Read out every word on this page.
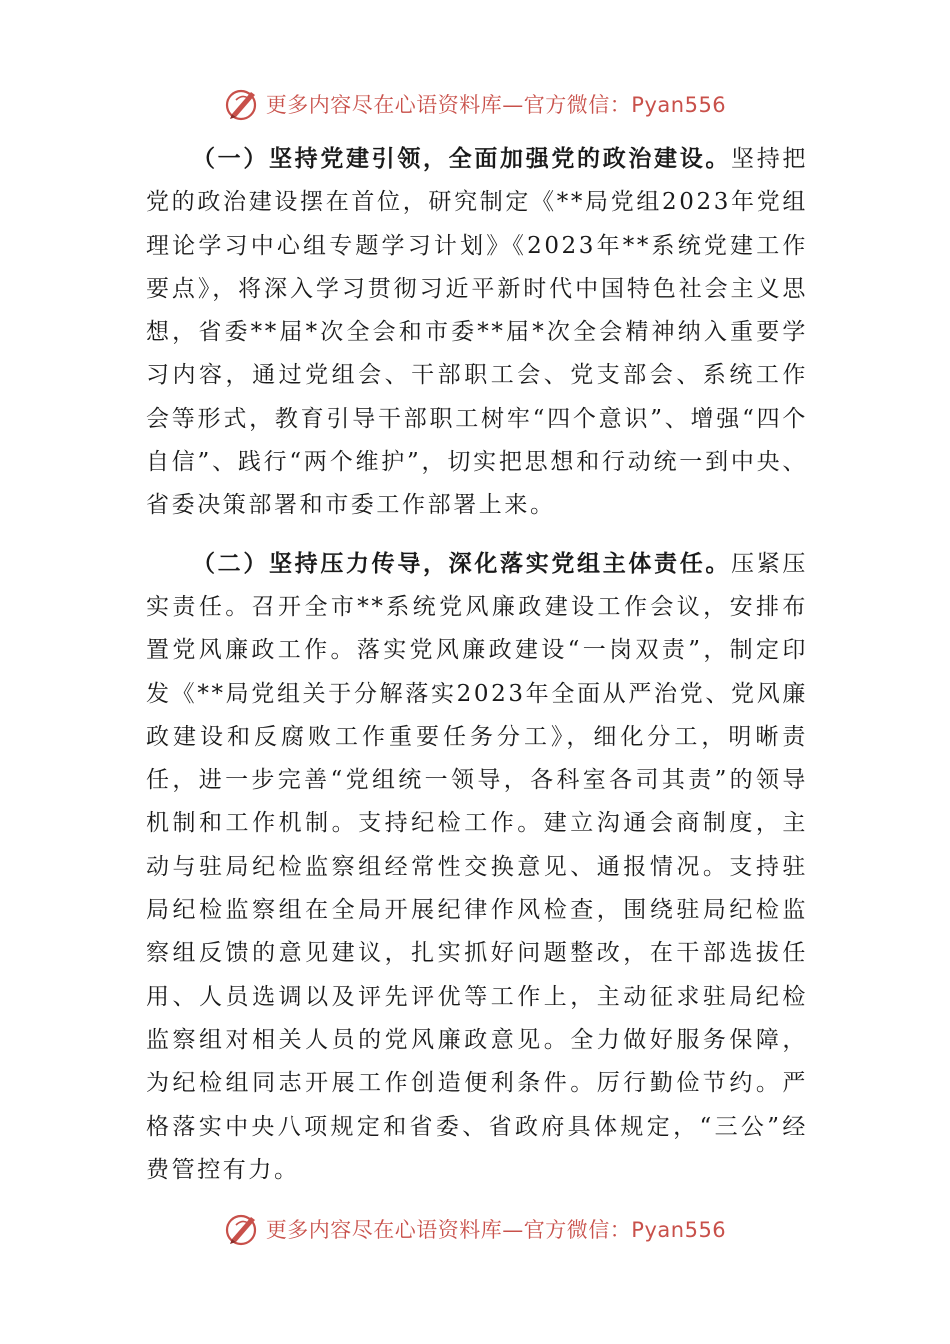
更多内容尽在心语资料库—官方微信：Pyan556

（一）坚持党建引领，全面加强党的政治建设。坚持把党的政治建设摆在首位，研究制定《**局党组2023年党组理论学习中心组专题学习计划》《2023年**系统党建工作要点》，将深入学习贯彻习近平新时代中国特色社会主义思想，省委**届*次全会和市委**届*次全会精神纳入重要学习内容，通过党组会、干部职工会、党支部会、系统工作会等形式，教育引导干部职工树牢“四个意识”、增强“四个自信”、践行“两个维护”，切实把思想和行动统一到中央、省委决策部署和市委工作部署上来。

（二）坚持压力传导，深化落实党组主体责任。压紧压实责任。召开全市**系统党风廉政建设工作会议，安排布置党风廉政工作。落实党风廉政建设“一岗双责”，制定印发《**局党组关于分解落实2023年全面从严治党、党风廉政建设和反腐败工作重要任务分工》，细化分工，明晰责任，进一步完善“党组统一领导，各科室各司其责”的领导机制和工作机制。支持纪检工作。建立沟通会商制度，主动与驻局纪检监察组经常性交换意见、通报情况。支持驻局纪检监察组在全局开展纪律作风检查，围绕驻局纪检监察组反馈的意见建议，扎实抓好问题整改，在干部选拔任用、人员选调以及评先评优等工作上，主动征求驻局纪检监察组对相关人员的党风廉政意见。全力做好服务保障，为纪检组同志开展工作创造便利条件。厉行勤俭节约。严格落实中央八项规定和省委、省政府具体规定，“三公”经费管控有力。

更多内容尽在心语资料库—官方微信：Pyan556
